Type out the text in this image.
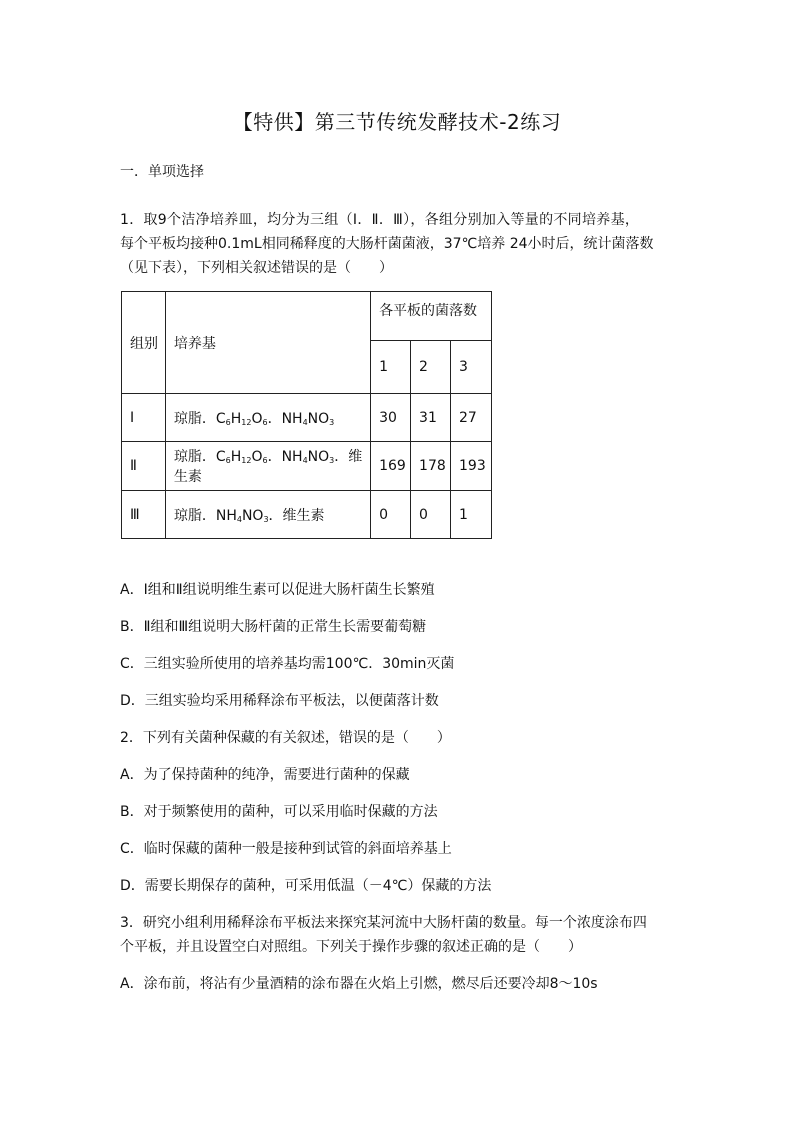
【特供】第三节传统发酵技术-2练习
一．单项选择
1．取9个洁净培养皿，均分为三组（Ⅰ．Ⅱ．Ⅲ），各组分别加入等量的不同培养基，
每个平板均接种0.1mL相同稀释度的大肠杆菌菌液，37℃培养 24小时后，统计菌落数
（见下表），下列相关叙述错误的是（　　）
组别	培养基	各平板的菌落数		
		1	2	3
Ⅰ	琼脂．$C_6H_{12}O_6$．$NH_4NO_3$	30	31	27
Ⅱ	琼脂．$C_6H_{12}O_6$．$NH_4NO_3$．维生素	169	178	193
Ⅲ	琼脂．$NH_4NO_3$．维生素	0	0	1
A．Ⅰ组和Ⅱ组说明维生素可以促进大肠杆菌生长繁殖
B．Ⅱ组和Ⅲ组说明大肠杆菌的正常生长需要葡萄糖
C．三组实验所使用的培养基均需100℃．30min灭菌
D．三组实验均采用稀释涂布平板法，以便菌落计数
2．下列有关菌种保藏的有关叙述，错误的是（　　）
A．为了保持菌种的纯净，需要进行菌种的保藏
B．对于频繁使用的菌种，可以采用临时保藏的方法
C．临时保藏的菌种一般是接种到试管的斜面培养基上
D．需要长期保存的菌种，可采用低温（－4℃）保藏的方法
3．研究小组利用稀释涂布平板法来探究某河流中大肠杆菌的数量。每一个浓度涂布四
个平板，并且设置空白对照组。下列关于操作步骤的叙述正确的是（　　）
A．涂布前，将沾有少量酒精的涂布器在火焰上引燃，燃尽后还要冷却8～10s
